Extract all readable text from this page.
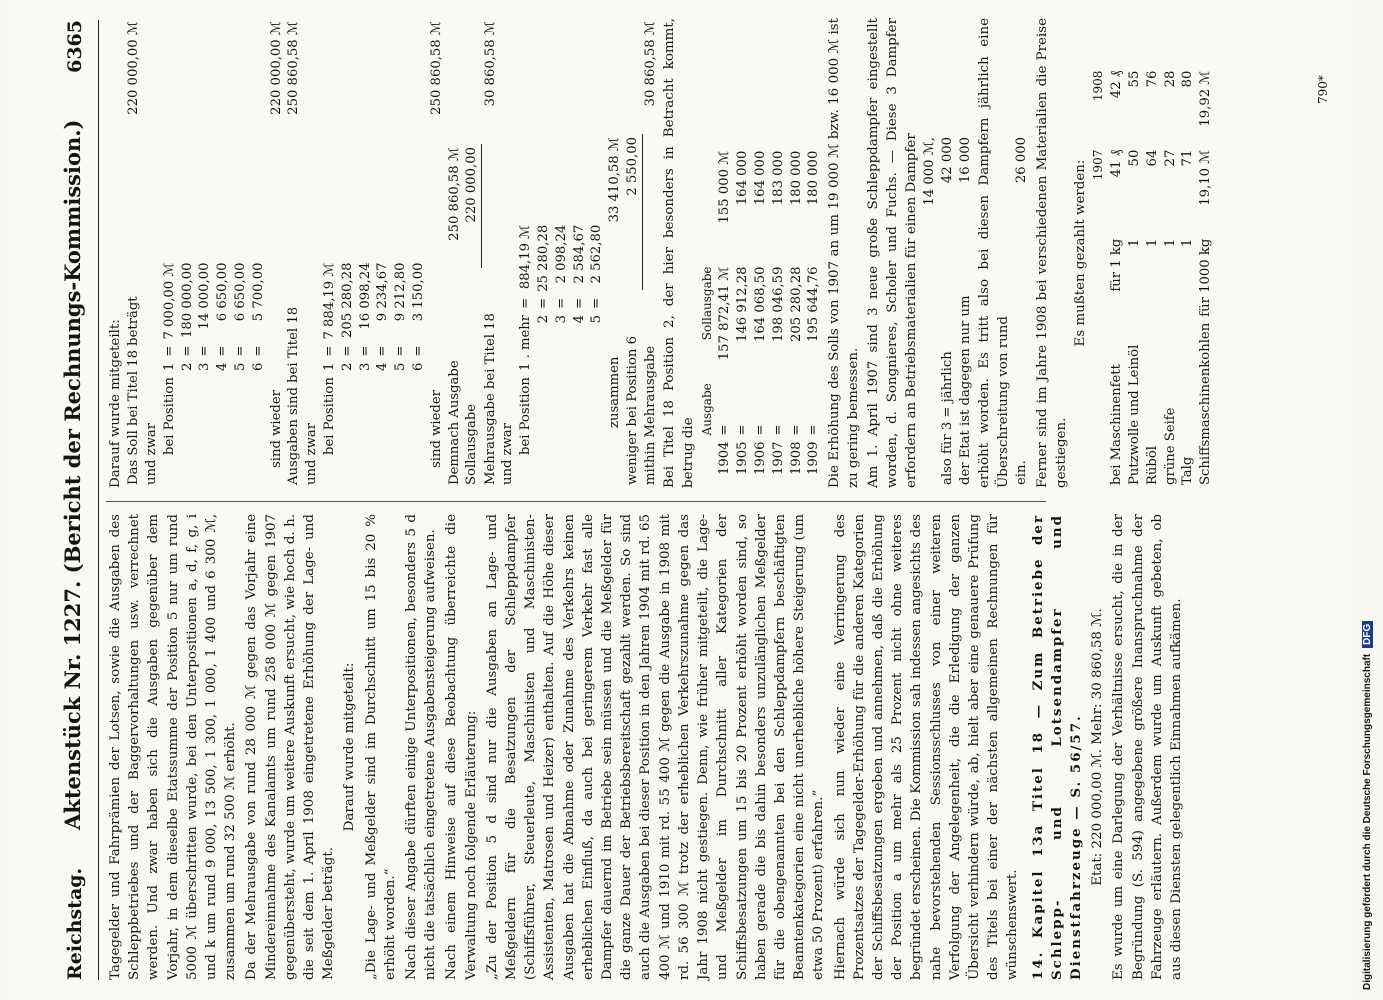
Reichstag.
Aktenstück Nr. 1227. (Bericht der Rechnungs-Kommission.)
6365

Tagegelder und Fahrprämien der Lotsen, sowie die Ausgaben des Schleppbetriebes und der Baggervorhaltungen usw. verrechnet werden. Und zwar haben sich die Ausgaben gegenüber dem Vorjahr, in dem dieselbe Etatssumme der Position 5 nur um rund 5000 ℳ überschritten wurde, bei den Unterpositionen a, d, f, g, i und k um rund 9 000, 13 500, 1 300, 1 000, 1 400 und 6 300 ℳ, zusammen um rund 32 500 ℳ erhöht. Da der Mehrausgabe von rund 28 000 ℳ gegen das Vorjahr eine Mindereinnahme des Kanalamts um rund 258 000 ℳ gegen 1907 gegenübersteht, wurde um weitere Auskunft ersucht, wie hoch d. h. die seit dem 1. April 1908 eingetretene Erhöhung der Lage- und Meßgelder beträgt.

Darauf wurde mitgeteilt: „Die Lage- und Meßgelder sind im Durchschnitt um 15 bis 20 % erhöht worden.“ Nach dieser Angabe dürften einige Unterpositionen, besonders 5 d nicht die tatsächlich eingetretene Ausgabensteigerung aufweisen. Nach einem Hinweise auf diese Beobachtung überreichte die Verwaltung noch folgende Erläuterung: „Zu der Position 5 d sind nur die Ausgaben an Lage- und Meßgeldern für die Besatzungen der Schleppdampfer (Schiffsführer, Steuerleute, Maschinisten und Maschinisten-Assistenten, Matrosen und Heizer) enthalten. Auf die Höhe dieser Ausgaben hat die Abnahme oder Zunahme des Verkehrs keinen erheblichen Einfluß, da auch bei geringerem Verkehr fast alle Dampfer dauernd im Betriebe sein müssen und die Meßgelder für die ganze Dauer der Betriebsbereitschaft gezahlt werden. So sind auch die Ausgaben bei dieser Position in den Jahren 1904 mit rd. 65 400 ℳ und 1910 mit rd. 55 400 ℳ gegen die Ausgabe in 1908 mit rd. 56 300 ℳ trotz der erheblichen Verkehrszunahme gegen das Jahr 1908 nicht gestiegen. Denn, wie früher mitgeteilt, die Lage- und Meßgelder im Durchschnitt aller Kategorien der Schiffsbesatzungen um 15 bis 20 Prozent erhöht worden sind, so haben gerade die bis dahin besonders unzulänglichen Meßgelder für die obengenannten bei den Schleppdampfern beschäftigten Beamtenkategorien eine nicht unerhebliche höhere Steigerung (um etwa 50 Prozent) erfahren.“ Hiernach würde sich nun wieder eine Verringerung des Prozentsatzes der Tagegelder-Erhöhung für die anderen Kategorien der Schiffsbesatzungen ergeben und annehmen, daß die Erhöhung der Position a um mehr als 25 Prozent nicht ohne weiteres begründet erscheinen. Die Kommission sah indessen angesichts des nahe bevorstehenden Sessionsschlusses von einer weiteren Verfolgung der Angelegenheit, die die Erledigung der ganzen Übersicht verhindern würde, ab, hielt aber eine genauere Prüfung des Titels bei einer der nächsten allgemeinen Rechnungen für wünschenswert. 14. Kapitel 13a Titel 18 — Zum Betriebe der Schlepp- und Lotsendampfer und Dienstfahrzeuge — S. 56/57. Etat: 220 000,00 ℳ. Mehr: 30 860,58 ℳ. Es wurde um eine Darlegung der Verhältnisse ersucht, die in der Begründung (S. 594) angegebene größere Inanspruchnahme der Fahrzeuge erläutern. Außerdem wurde um Auskunft gebeten, ob aus diesen Diensten gelegentlich Einnahmen aufkämen.

Darauf wurde mitgeteilt: Das Soll bei Titel 18 beträgt		220 000,00 ℳ
und zwar		bei Position	1	=	7 000,00 ℳ
	2	=	180 000,00
	3	=	14 000,00
	4	=	6 650,00
	5	=	6 650,00
	6	=	5 700,00
sind wieder	220 000,00 ℳ
Ausgaben sind bei Titel 18	250 860,58 ℳ
und zwar	bei Position	1	=	7 884,19 ℳ
	2	=	205 280,28
	3	=	16 098,24
	4	=	9 234,67
	5	=	9 212,80
	6	=	3 150,00
sind wieder	250 860,58 ℳ
Demnach Ausgabe	250 860,58 ℳ	
Sollausgabe	220 000,00	
Mehrausgabe bei Titel 18		30 860,58 ℳ
und zwar		bei Position	1 . mehr	=	884,19 ℳ
	2	=	25 280,28
	3	=	2 098,24
	4	=	2 584,67
	5	=	2 562,80
zusammen	33 410,58 ℳ	
weniger bei Position 6	2 550,00	
mithin Mehrausgabe		30 860,58 ℳ Bei Titel 18 Position 2, der hier besonders in Betracht kommt, betrug die
	Ausgabe	Sollausgabe	
1904	=	157 872,41 ℳ	155 000 ℳ
1905	=	146 912,28	164 000
1906	=	164 068,50	164 000
1907	=	198 046,59	183 000
1908	=	205 280,28	180 000
1909	=	195 644,76	180 000 Die Erhöhung des Solls von 1907 an um 19 000 ℳ bzw. 16 000 ℳ ist zu gering bemessen. Am 1. April 1907 sind 3 neue große Schleppdampfer eingestellt worden, d. Songnieres, Scholer und Fuchs. — Diese 3 Dampfer erfordern an Betriebsmaterialien für einen Dampfer

	14 000 ℳ,	
also für 3 = jährlich	42 000	
der Etat ist dagegen nur um	16 000	erhöht worden. Es tritt also bei diesen Dampfern jährlich eine Überschreitung von rund ein.	26 000	Ferner sind im Jahre 1908 bei verschiedenen Materialien die Preise gestiegen.

Es mußten gezahlt werden:

		1907	1908
bei Maschinenfett	für 1 kg	41 ₰	42 ₰
Putzwolle und Leinöl	1	50	55
Rüböl	1	64	76
grüne Seife	1	27	28
Talg	1	71	80
Schiffsmaschinenkohlen	für 1000 kg	19,10 ℳ	19,92 ℳ	790*
Digitalisierung gefördert durch die Deutsche ForschungsgemeinschaftDFG
